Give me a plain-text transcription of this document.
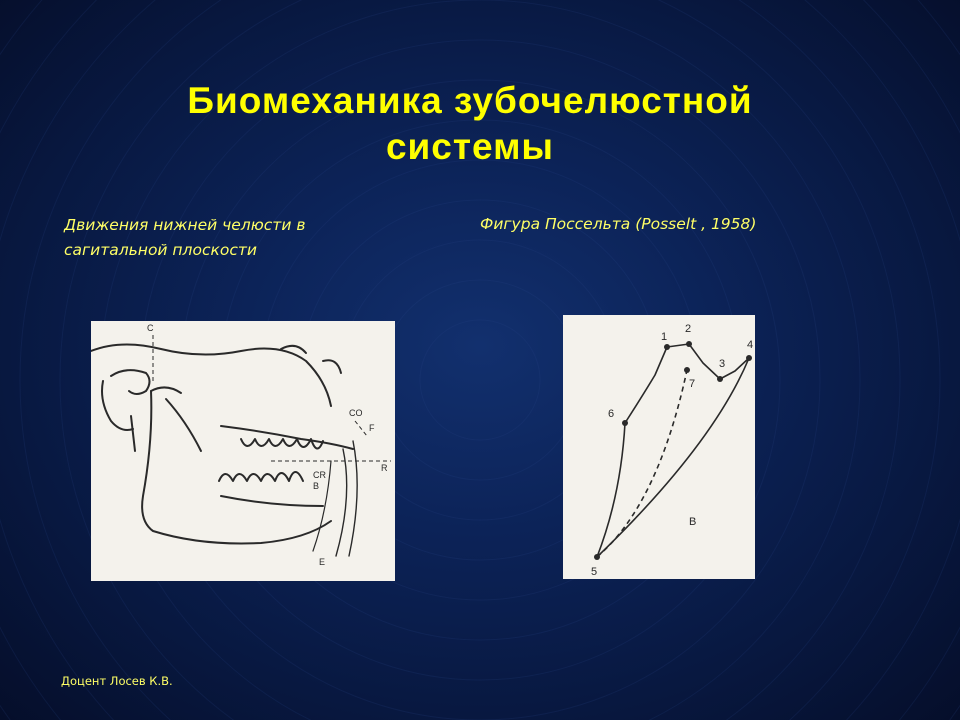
Биомеханика зубочелюстной
системы
Движения нижней челюсти в
сагитальной плоскости
Фигура Поссельта (Posselt , 1958)
C
CO
F
CR
B
R
E
1
2
3
4
5
6
7
B
Доцент Лосев К.В.
